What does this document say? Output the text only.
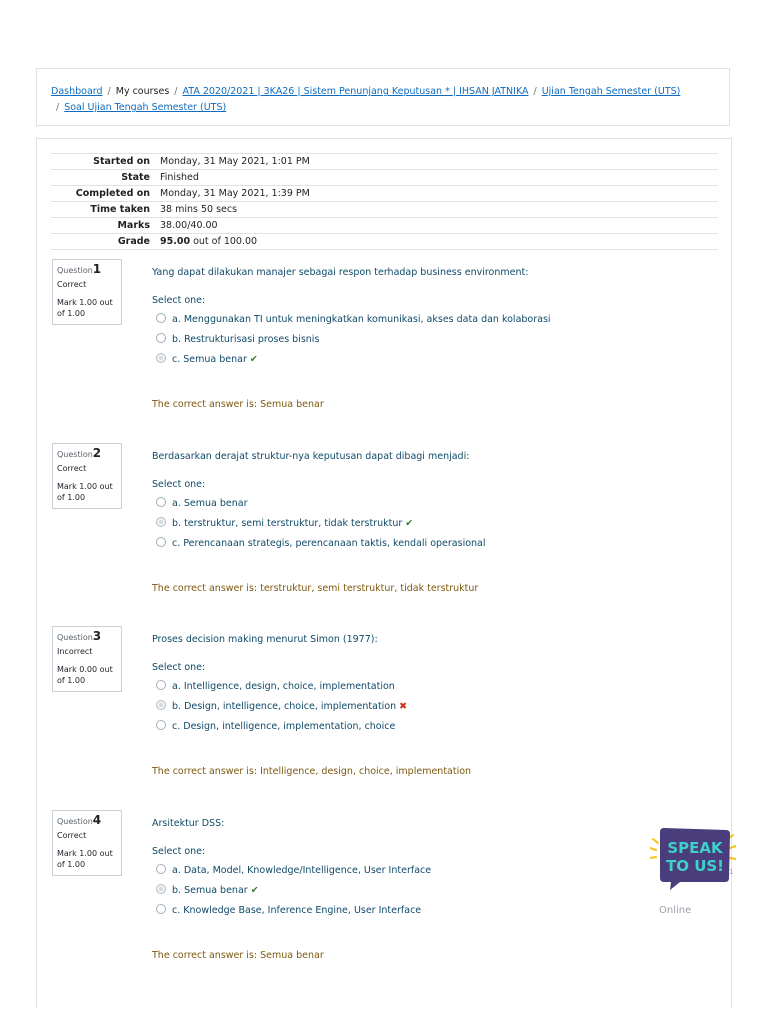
Dashboard / My courses / ATA 2020/2021 | 3KA26 | Sistem Penunjang Keputusan * | IHSAN JATNIKA / Ujian Tengah Semester (UTS)
/ Soal Ujian Tengah Semester (UTS)
Started on	Monday, 31 May 2021, 1:01 PM
State	Finished
Completed on	Monday, 31 May 2021, 1:39 PM
Time taken	38 mins 50 secs
Marks	38.00/40.00
Grade	95.00 out of 100.00
Question1
Correct
Mark 1.00 out of 1.00
Yang dapat dilakukan manajer sebagai respon terhadap business environment:
Select one:
a. Menggunakan TI untuk meningkatkan komunikasi, akses data dan kolaborasi
b. Restrukturisasi proses bisnis
c. Semua benar ✔
The correct answer is: Semua benar
Question2
Correct
Mark 1.00 out of 1.00
Berdasarkan derajat struktur-nya keputusan dapat dibagi menjadi:
Select one:
a. Semua benar
b. terstruktur, semi terstruktur, tidak terstruktur ✔
c. Perencanaan strategis, perencanaan taktis, kendali operasional
The correct answer is: terstruktur, semi terstruktur, tidak terstruktur
Question3
Incorrect
Mark 0.00 out of 1.00
Proses decision making menurut Simon (1977):
Select one:
a. Intelligence, design, choice, implementation
b. Design, intelligence, choice, implementation ✖
c. Design, intelligence, implementation, choice
The correct answer is: Intelligence, design, choice, implementation
Question4
Correct
Mark 1.00 out of 1.00
Arsitektur DSS:
Select one:
a. Data, Model, Knowledge/Intelligence, User Interface
b. Semua benar ✔
c. Knowledge Base, Inference Engine, User Interface
The correct answer is: Semua benar
SPEAK
TO US! 1
Online
